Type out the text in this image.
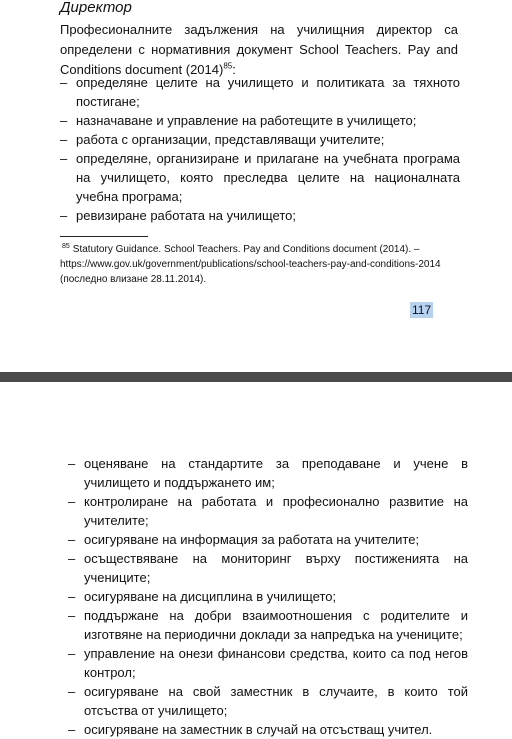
Директор

Професионалните задължения на училищния директор са определени с нормативния документ School Teachers. Pay and Conditions document $(2014)^{85}$:

– определяне целите на училището и политиката за тяхното постигане;
– назначаване и управление на работещите в училището;
– работа с организации, представляващи учителите;
– определяне, организиране и прилагане на учебната програма на училището, която преследва целите на националната учебна програма;
– ревизиране работата на училището;

$^{85}$ Statutory Guidance. School Teachers. Pay and Conditions document (2014). – https://www.gov.uk/government/publications/school-teachers-pay-and-conditions-2014 (последно влизане 28.11.2014).

117
– оценяване на стандартите за преподаване и учене в училището и поддържането им;
– контролиране на работата и професионално развитие на учителите;
– осигуряване на информация за работата на учителите;
– осъществяване на мониторинг върху постиженията на учениците;
– осигуряване на дисциплина в училището;
– поддържане на добри взаимоотношения с родителите и изготвяне на периодични доклади за напредъка на учениците;
– управление на онези финансови средства, които са под негов контрол;
– осигуряване на свой заместник в случаите, в които той отсъства от училището;
– осигуряване на заместник в случай на отсъстващ учител.
